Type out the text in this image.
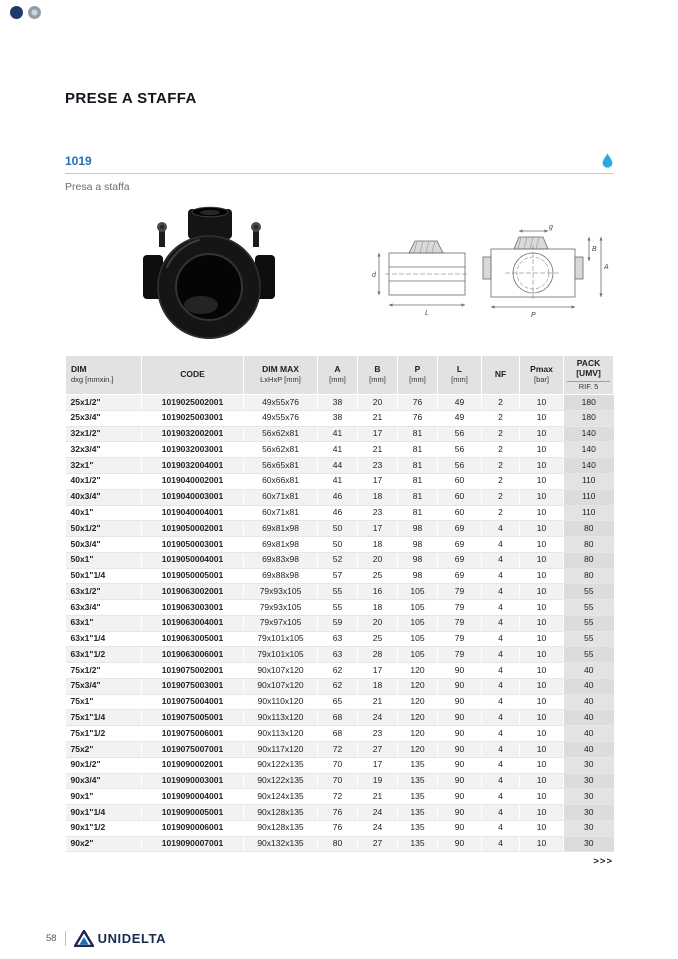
PRESE A STAFFA
1019
Presa a staffa
g
B
A
d
L	P
DIM
dxg [mmxin.]

CODE	DIM MAX
LxHxP [mm]

A
[mm]

B
[mm]

P
[mm]

L
[mm]

NF	Pmax
[bar]

PACK [UMV]
RIF. 5

25x1/2"	1019025002001	49x55x76	38	20	76	49	2	10	180
25x3/4"	1019025003001	49x55x76	38	21	76	49	2	10	180
32x1/2"	1019032002001	56x62x81	41	17	81	56	2	10	140
32x3/4"	1019032003001	56x62x81	41	21	81	56	2	10	140
32x1"	1019032004001	56x65x81	44	23	81	56	2	10	140
40x1/2"	1019040002001	60x66x81	41	17	81	60	2	10	110
40x3/4"	1019040003001	60x71x81	46	18	81	60	2	10	110
40x1"	1019040004001	60x71x81	46	23	81	60	2	10	110
50x1/2"	1019050002001	69x81x98	50	17	98	69	4	10	80
50x3/4"	1019050003001	69x81x98	50	18	98	69	4	10	80
50x1"	1019050004001	69x83x98	52	20	98	69	4	10	80
50x1"1/4	1019050005001	69x88x98	57	25	98	69	4	10	80
63x1/2"	1019063002001	79x93x105	55	16	105	79	4	10	55
63x3/4"	1019063003001	79x93x105	55	18	105	79	4	10	55
63x1"	1019063004001	79x97x105	59	20	105	79	4	10	55
63x1"1/4	1019063005001	79x101x105	63	25	105	79	4	10	55
63x1"1/2	1019063006001	79x101x105	63	28	105	79	4	10	55
75x1/2"	1019075002001	90x107x120	62	17	120	90	4	10	40
75x3/4"	1019075003001	90x107x120	62	18	120	90	4	10	40
75x1"	1019075004001	90x110x120	65	21	120	90	4	10	40
75x1"1/4	1019075005001	90x113x120	68	24	120	90	4	10	40
75x1"1/2	1019075006001	90x113x120	68	23	120	90	4	10	40
75x2"	1019075007001	90x117x120	72	27	120	90	4	10	40
90x1/2"	1019090002001	90x122x135	70	17	135	90	4	10	30
90x3/4"	1019090003001	90x122x135	70	19	135	90	4	10	30
90x1"	1019090004001	90x124x135	72	21	135	90	4	10	30
90x1"1/4	1019090005001	90x128x135	76	24	135	90	4	10	30
90x1"1/2	1019090006001	90x128x135	76	24	135	90	4	10	30
90x2"	1019090007001	90x132x135	80	27	135	90	4	10	30
>>>
58	UNIDELTA
